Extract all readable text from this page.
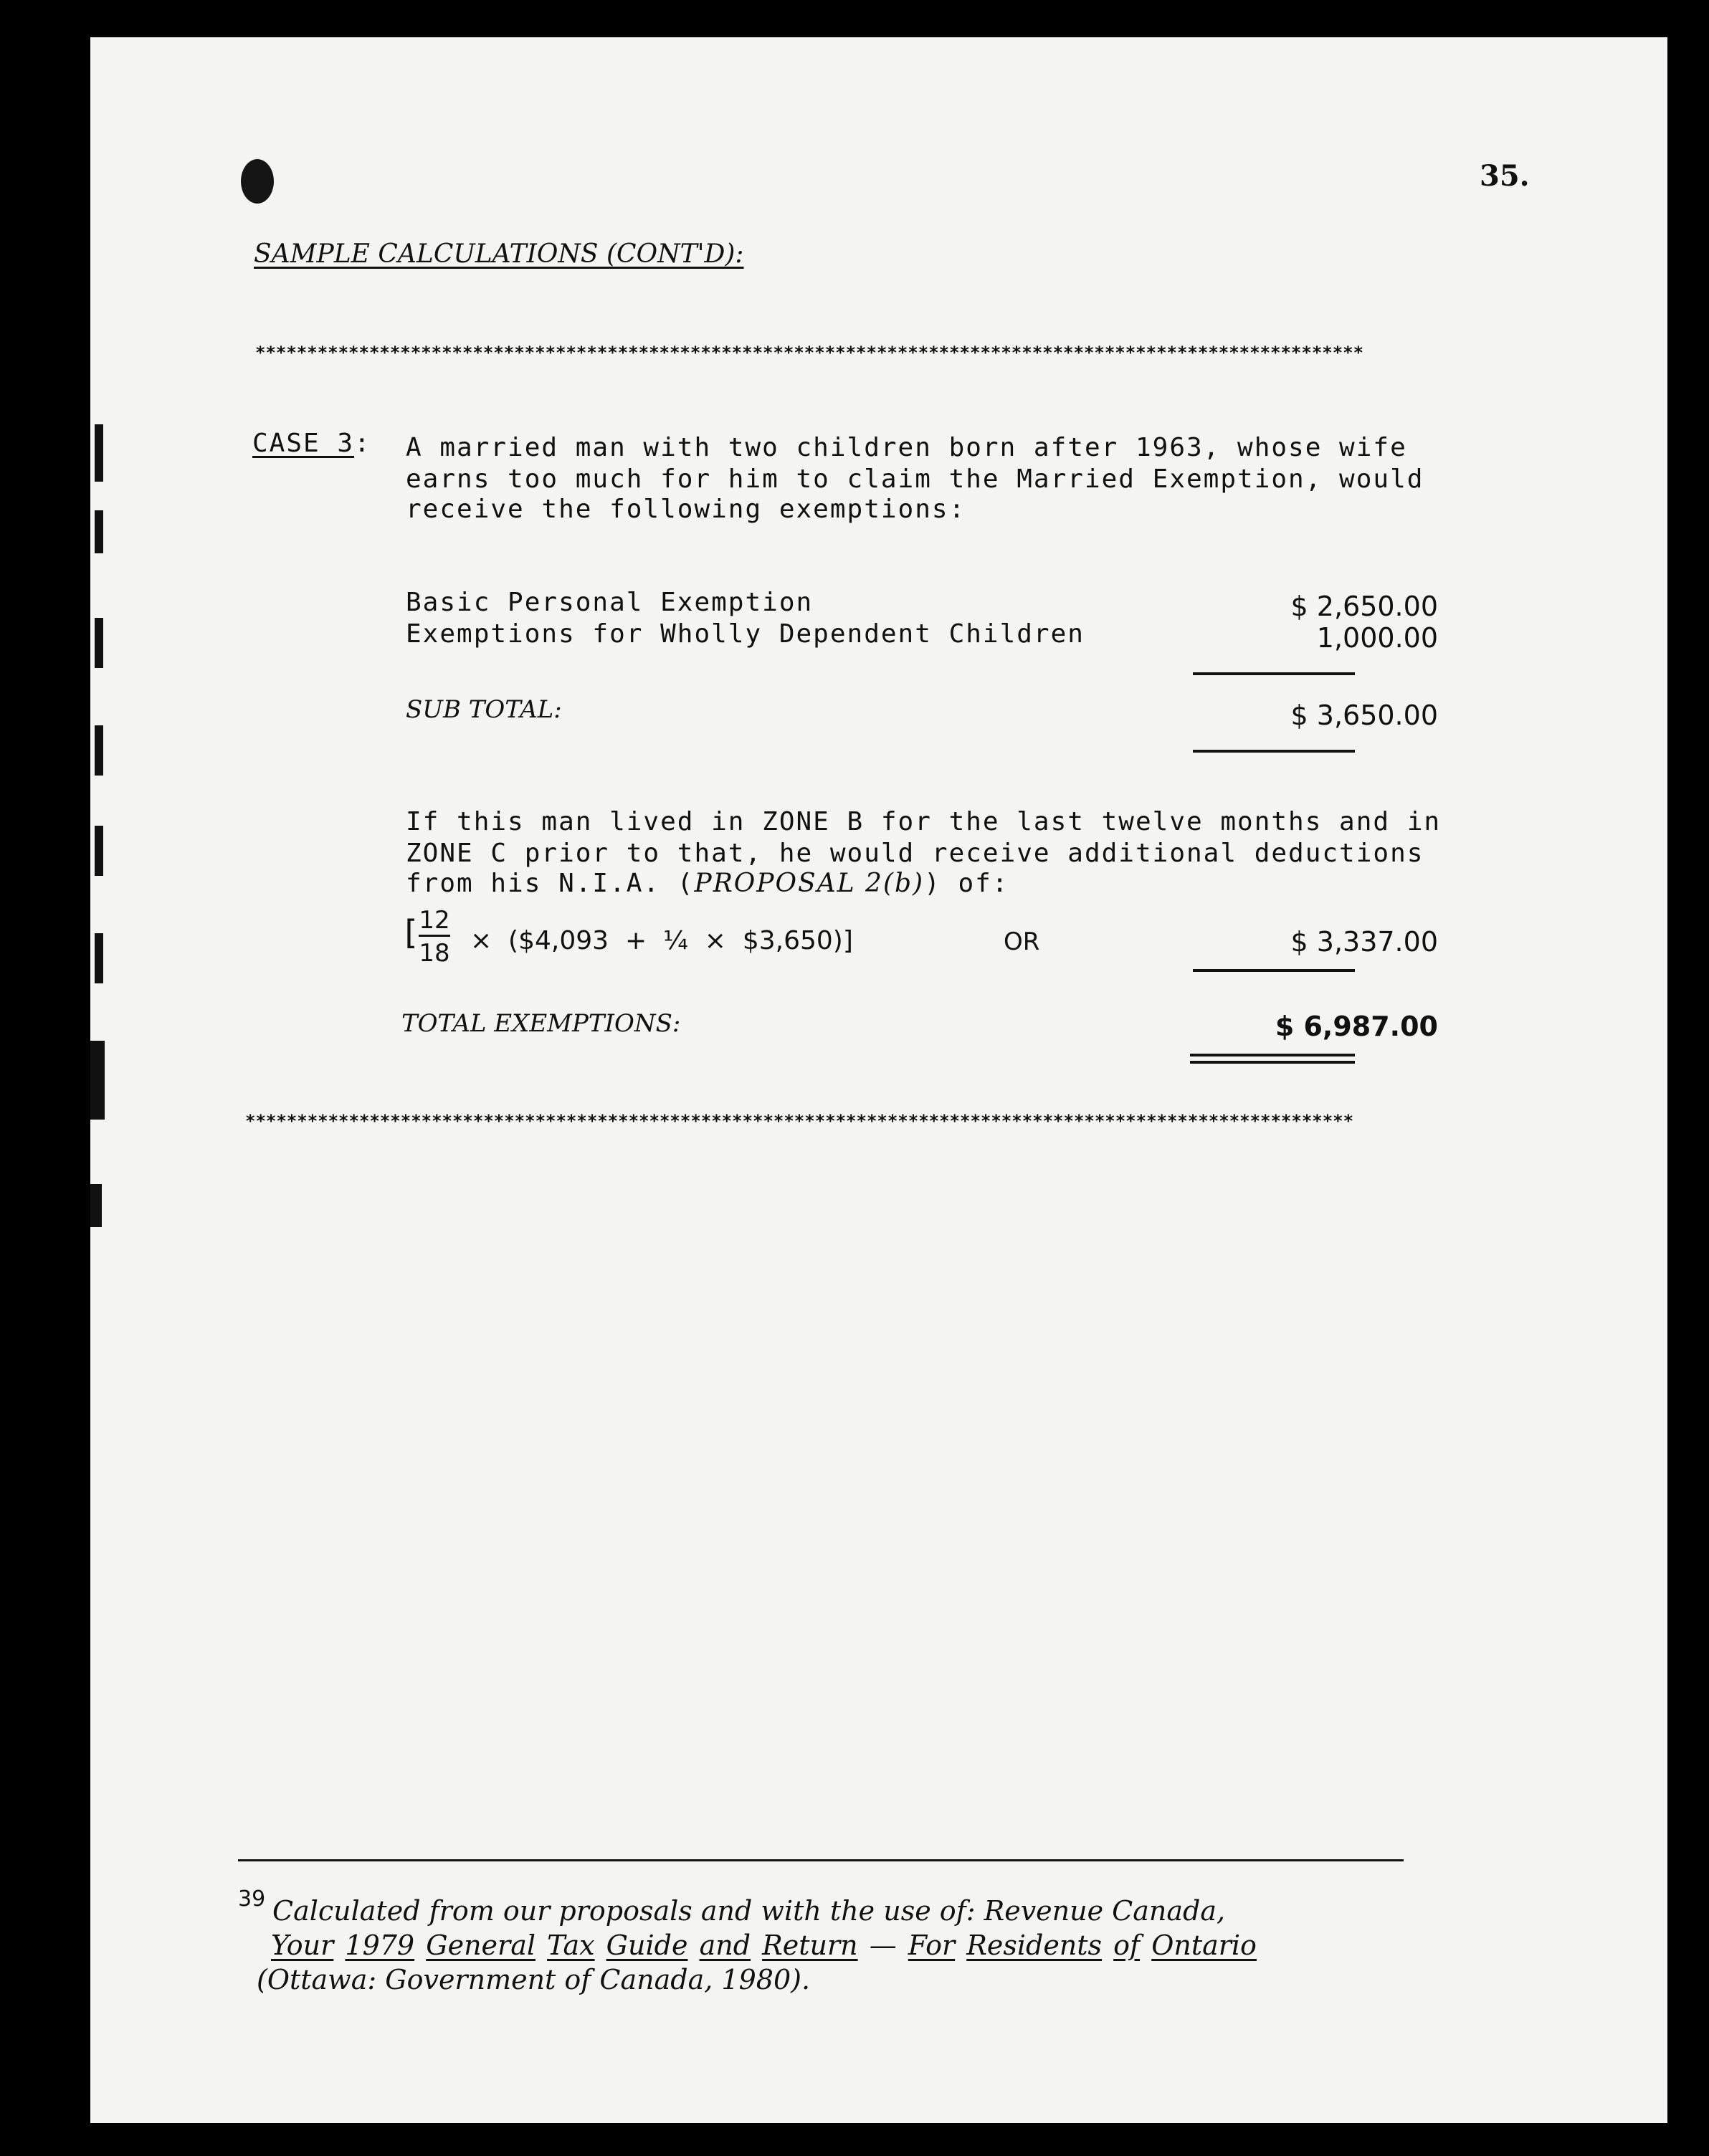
35.
SAMPLE CALCULATIONS (CONT'D):
***********************************************************************************************************
CASE 3: A married man with two children born after 1963, whose wife
earns too much for him to claim the Married Exemption, would
receive the following exemptions:
Basic Personal Exemption	$ 2,650.00
Exemptions for Wholly Dependent Children	1,000.00
SUB TOTAL:	$ 3,650.00
If this man lived in ZONE B for the last twelve months and in
ZONE C prior to that, he would receive additional deductions
from his N.I.A. (PROPOSAL 2(b)) of:
[
12
18 ×  ($4,093  +  ¼  ×  $3,650)]	OR	$ 3,337.00
TOTAL EXEMPTIONS:	$ 6,987.00
***********************************************************************************************************
39 Calculated from our proposals and with the use of: Revenue Canada,
Your 1979 General Tax Guide and Return — For Residents of Ontario
(Ottawa: Government of Canada, 1980).
